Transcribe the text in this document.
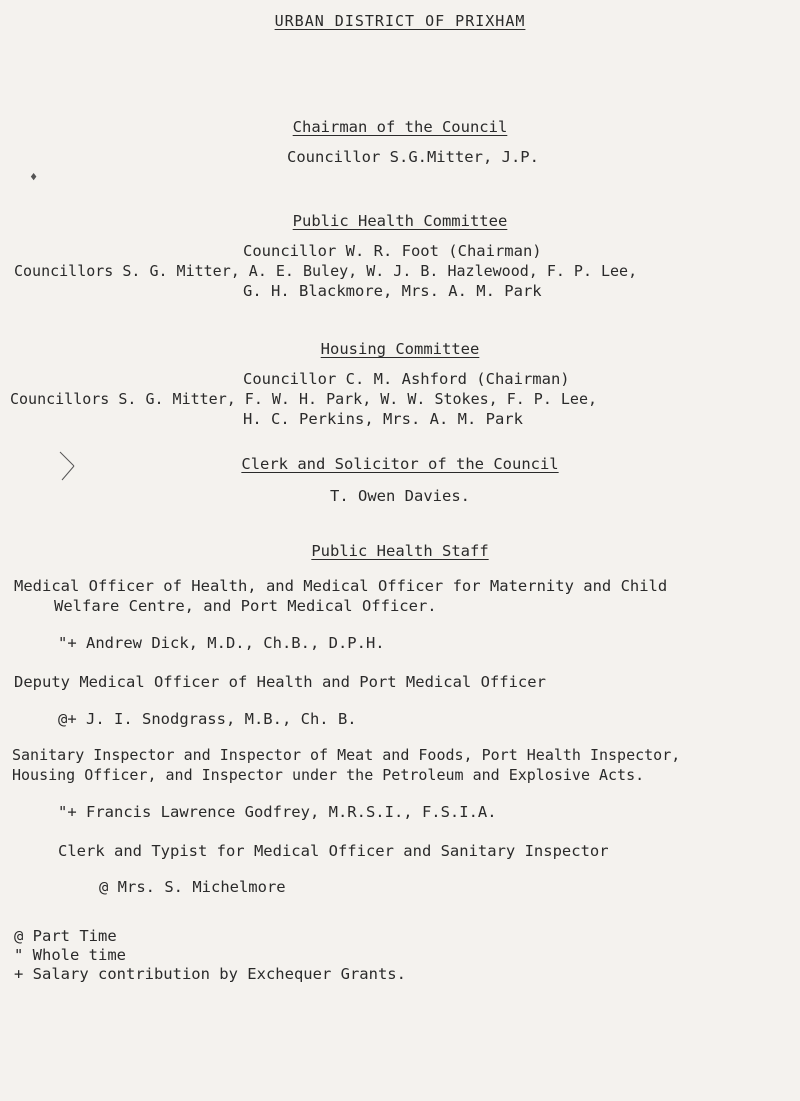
URBAN DISTRICT OF PRIXHAM
Chairman of the Council
Councillor S.G.Mitter, J.P.
♦
Public Health Committee
Councillor W. R. Foot (Chairman)
Councillors S. G. Mitter, A. E. Buley, W. J. B. Hazlewood, F. P. Lee,
G. H. Blackmore, Mrs. A. M. Park
Housing Committee
Councillor C. M. Ashford (Chairman)
Councillors S. G. Mitter, F. W. H. Park, W. W. Stokes, F. P. Lee,
H. C. Perkins, Mrs. A. M. Park
Clerk and Solicitor of the Council
T. Owen Davies.
Public Health Staff
Medical Officer of Health, and Medical Officer for Maternity and Child
Welfare Centre, and Port Medical Officer.
"+ Andrew Dick, M.D., Ch.B., D.P.H.
Deputy Medical Officer of Health and Port Medical Officer
@+ J. I. Snodgrass, M.B., Ch. B.
Sanitary Inspector and Inspector of Meat and Foods, Port Health Inspector,
Housing Officer, and Inspector under the Petroleum and Explosive Acts.
"+ Francis Lawrence Godfrey, M.R.S.I., F.S.I.A.
Clerk and Typist for Medical Officer and Sanitary Inspector
@ Mrs. S. Michelmore
@ Part Time
" Whole time
+ Salary contribution by Exchequer Grants.
